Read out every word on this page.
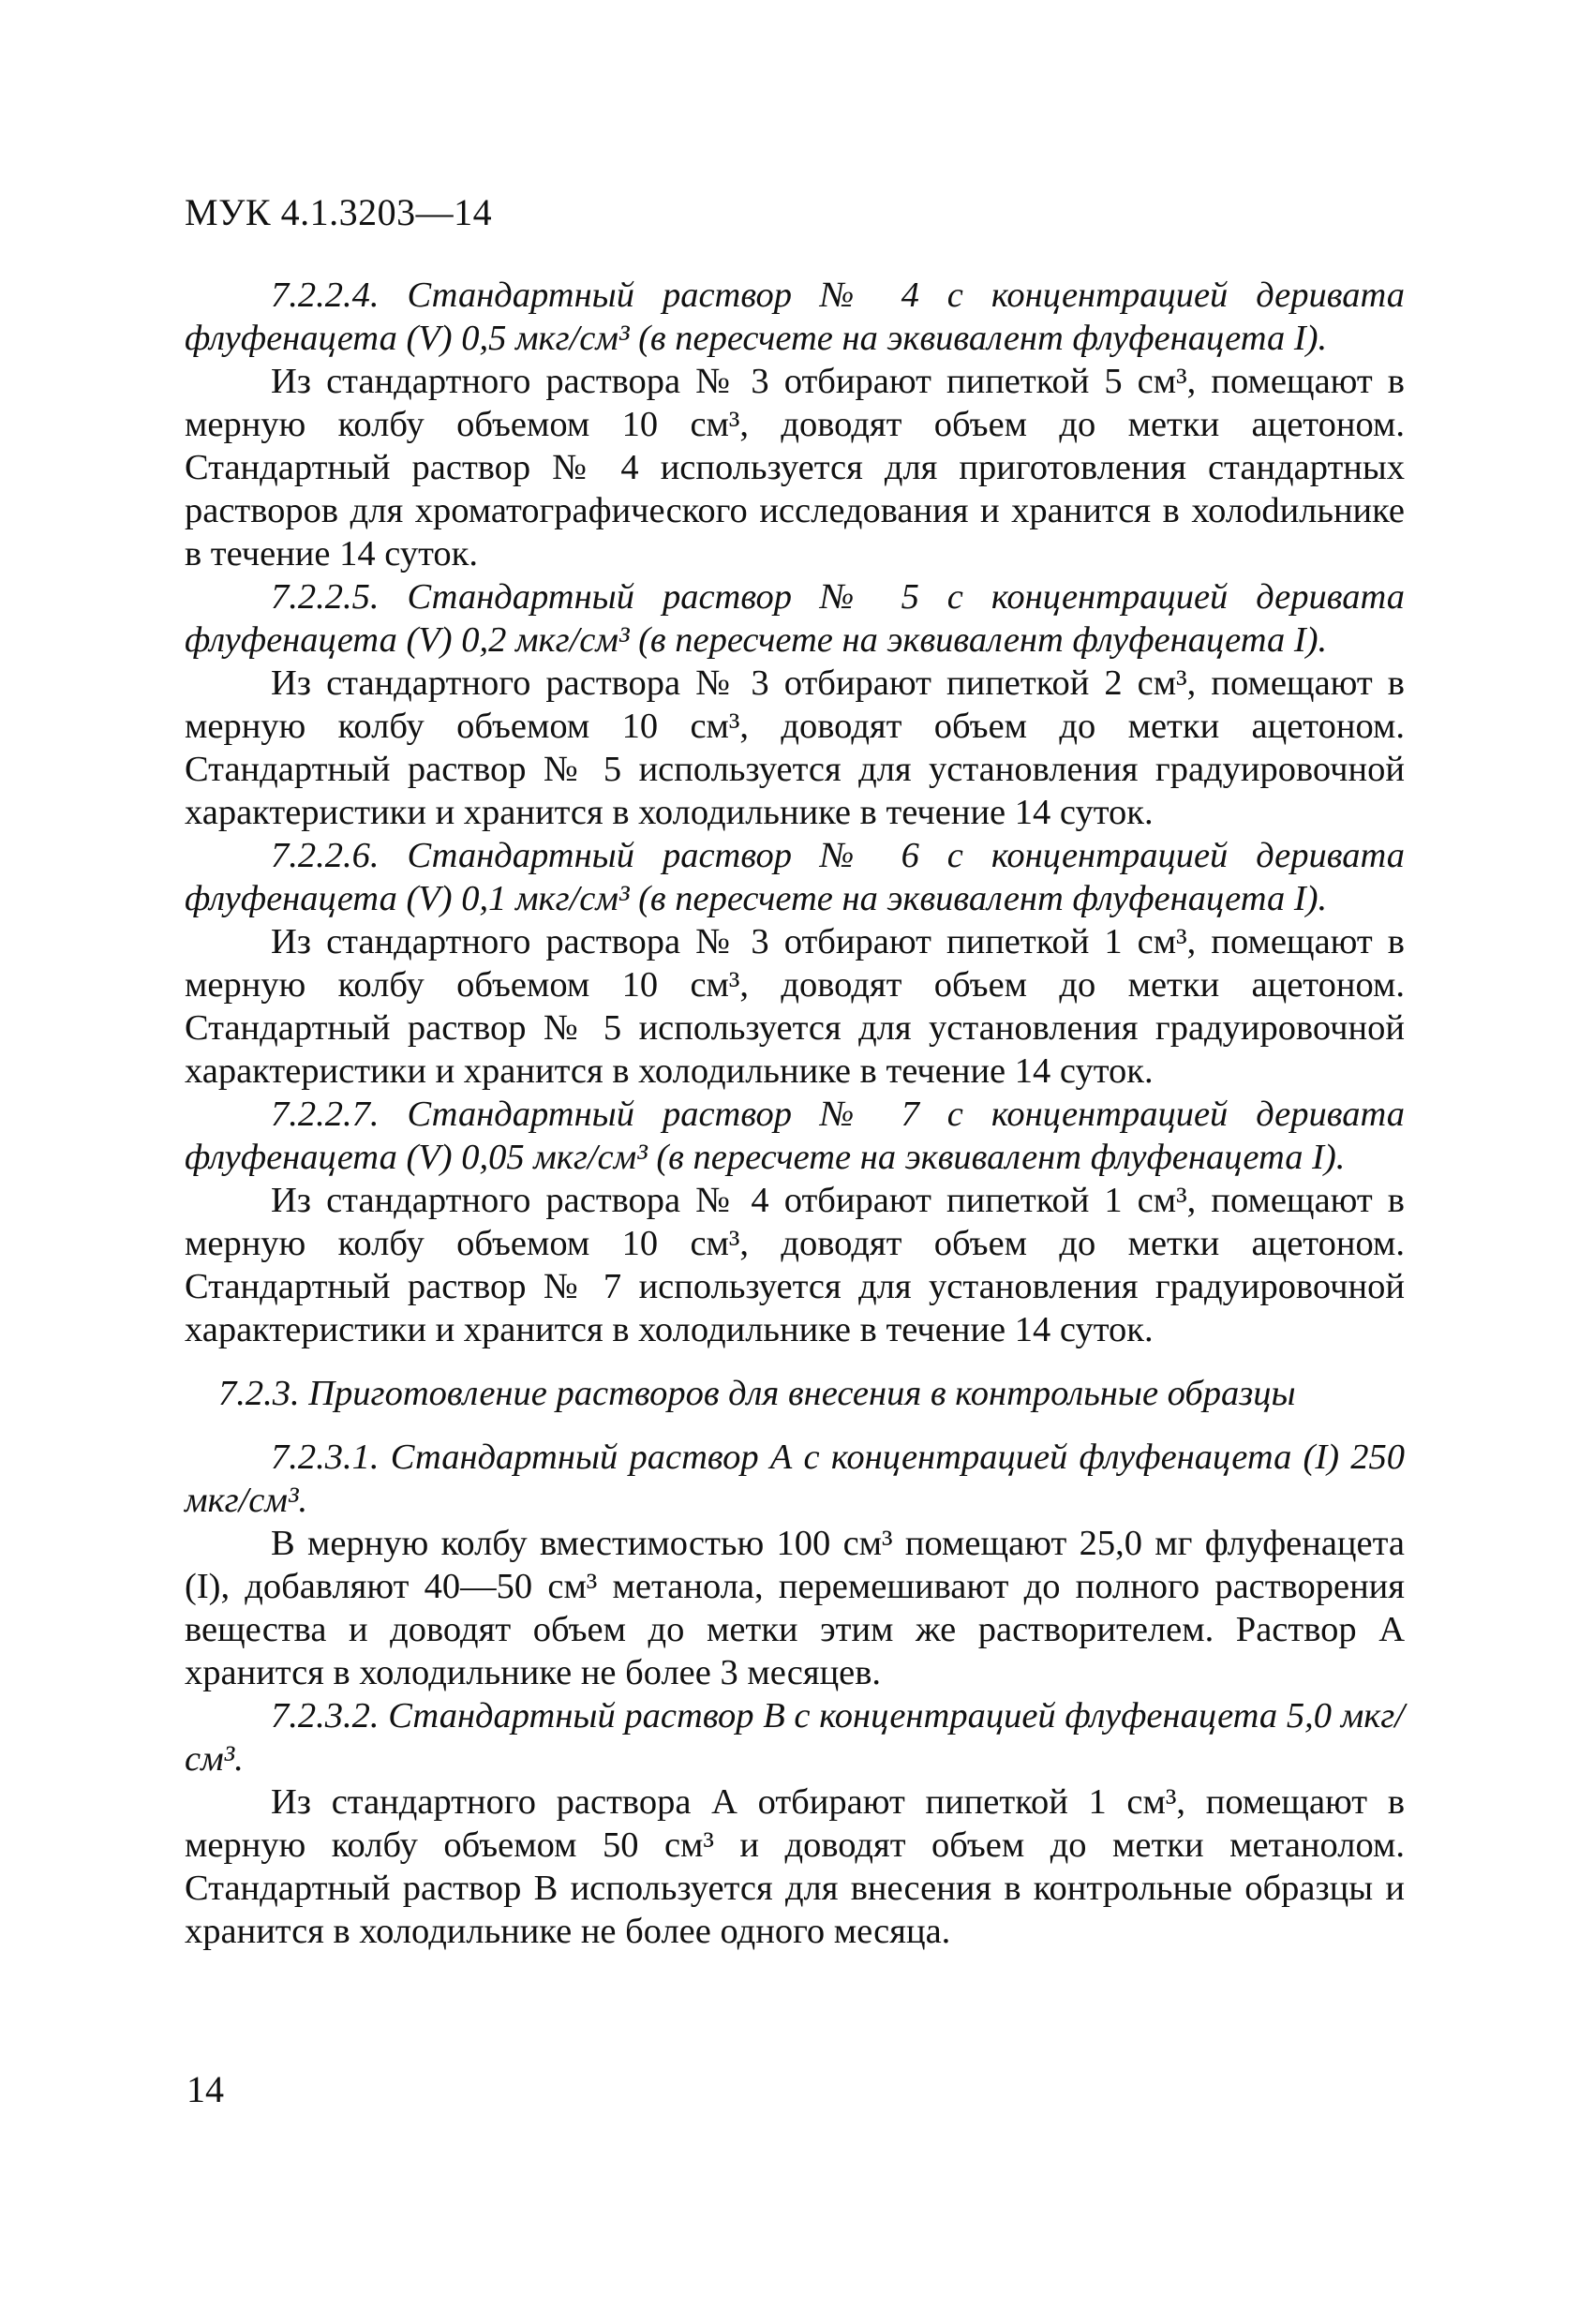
МУК 4.1.3203—14

7.2.2.4. Стандартный раствор № 4 с концентрацией деривата флуфенацета (V) 0,5 мкг/см³ (в пересчете на эквивалент флуфенацета I).

Из стандартного раствора № 3 отбирают пипеткой 5 см³, помещают в мерную колбу объемом 10 см³, доводят объем до метки ацетоном. Стандартный раствор № 4 используется для приготовления стандартных растворов для хроматографического исследования и хранится в холоdильнике в течение 14 суток.

7.2.2.5. Стандартный раствор № 5 с концентрацией деривата флуфенацета (V) 0,2 мкг/см³ (в пересчете на эквивалент флуфенацета I).

Из стандартного раствора № 3 отбирают пипеткой 2 см³, помещают в мерную колбу объемом 10 см³, доводят объем до метки ацетоном. Стандартный раствор № 5 используется для установления градуировочной характеристики и хранится в холодильнике в течение 14 суток.

7.2.2.6. Стандартный раствор № 6 с концентрацией деривата флуфенацета (V) 0,1 мкг/см³ (в пересчете на эквивалент флуфенацета I).

Из стандартного раствора № 3 отбирают пипеткой 1 см³, помещают в мерную колбу объемом 10 см³, доводят объем до метки ацетоном. Стандартный раствор № 5 используется для установления градуировочной характеристики и хранится в холодильнике в течение 14 суток.

7.2.2.7. Стандартный раствор № 7 с концентрацией деривата флуфенацета (V) 0,05 мкг/см³ (в пересчете на эквивалент флуфенацета I).

Из стандартного раствора № 4 отбирают пипеткой 1 см³, помещают в мерную колбу объемом 10 см³, доводят объем до метки ацетоном. Стандартный раствор № 7 используется для установления градуировочной характеристики и хранится в холодильнике в течение 14 суток.

7.2.3. Приготовление растворов для внесения в контрольные образцы

7.2.3.1. Стандартный раствор А с концентрацией флуфенацета (I) 250 мкг/см³.

В мерную колбу вместимостью 100 см³ помещают 25,0 мг флуфенацета (I), добавляют 40—50 см³ метанола, перемешивают до полного растворения вещества и доводят объем до метки этим же растворителем. Раствор А хранится в холодильнике не более 3 месяцев.

7.2.3.2. Стандартный раствор В с концентрацией флуфенацета 5,0 мкг/см³.

Из стандартного раствора А отбирают пипеткой 1 см³, помещают в мерную колбу объемом 50 см³ и доводят объем до метки метанолом. Стандартный раствор В используется для внесения в контрольные образцы и хранится в холодильнике не более одного месяца.

14
